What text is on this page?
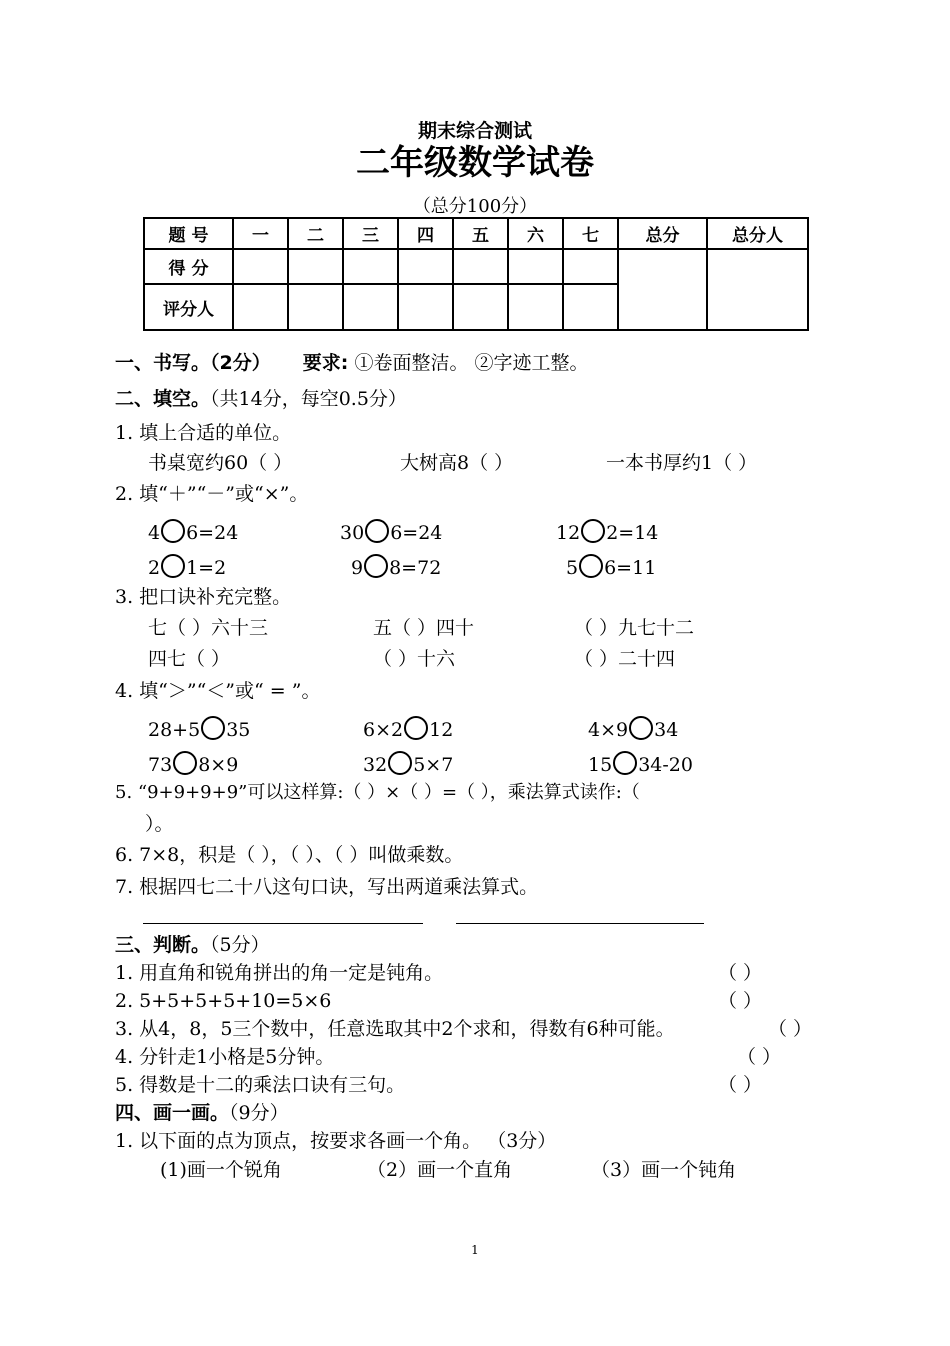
期末综合测试
二年级数学试卷
（总分100分）
题 号	一	二	三	四	五	六	七	总分	总分人
得 分									
评分人									
一、书写。（2分） 要求: ①卷面整洁。 ②字迹工整。
二、填空。（共14分，每空0.5分）
1. 填上合适的单位。
书桌宽约60（ ）	大树高8（ ）	一本书厚约1（ ）
2. 填“＋”“－”或“×”。
4 6=24	30 6=24	12 2=14
2 1=2	9 8=72	5 6=11
3. 把口诀补充完整。
七（ ）六十三	五（ ）四十	（ ）九七十二
四七（ ）	（ ）十六	（ ）二十四
4. 填“＞”“＜”或“ = ”。
28+5 35	6×2 12	4×9 34
73 8×9	32 5×7	15 34-20
5. “9+9+9+9”可以这样算:（ ）×（ ）=（ ），乘法算式读作:（
）。
6. 7×8，积是（ ），（ ）、（ ）叫做乘数。
7. 根据四七二十八这句口诀，写出两道乘法算式。
三、判断。（5分）
1. 用直角和锐角拼出的角一定是钝角。	（ ）
2. 5+5+5+5+10=5×6	（ ）
3. 从4，8，5三个数中，任意选取其中2个求和，得数有6种可能。	（ ）
4. 分针走1小格是5分钟。	（ ）
5. 得数是十二的乘法口诀有三句。	（ ）
四、画一画。（9分）
1. 以下面的点为顶点，按要求各画一个角。 （3分）
(1)画一个锐角	（2）画一个直角	（3）画一个钝角
1
